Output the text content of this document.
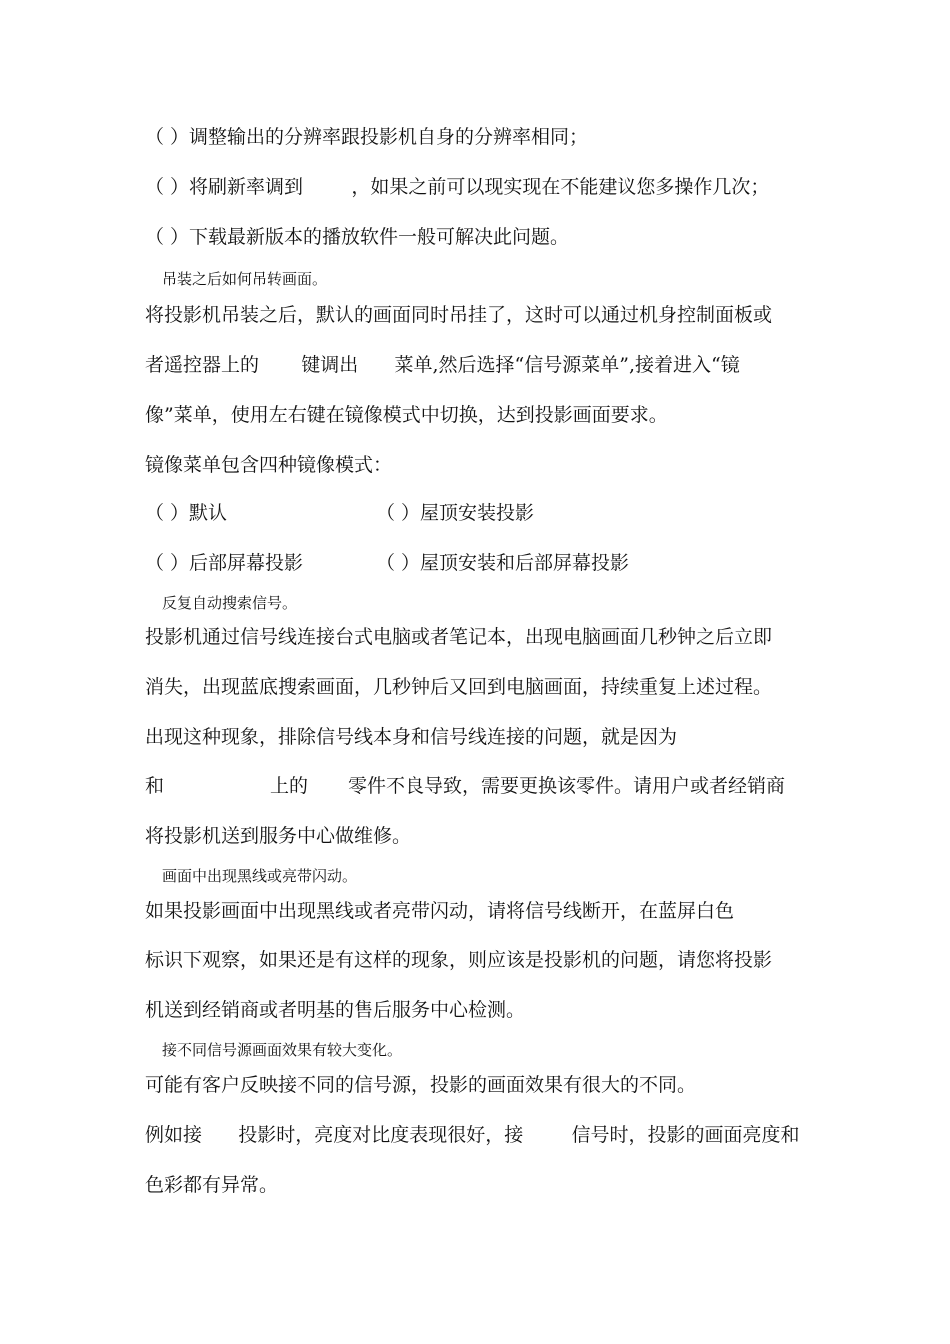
（ ）调整输出的分辨率跟投影机自身的分辨率相同；
（ ）将刷新率调到        ，如果之前可以现实现在不能建议您多操作几次；
（ ）下载最新版本的播放软件一般可解决此问题。
吊装之后如何吊转画面。
将投影机吊装之后，默认的画面同时吊挂了，这时可以通过机身控制面板或
者遥控器上的       键调出      菜单,然后选择“信号源菜单”,接着进入“镜
像”菜单，使用左右键在镜像模式中切换，达到投影画面要求。
镜像菜单包含四种镜像模式：
（ ）默认	（ ）屋顶安装投影
（ ）后部屏幕投影	（ ）屋顶安装和后部屏幕投影
反复自动搜索信号。
投影机通过信号线连接台式电脑或者笔记本，出现电脑画面几秒钟之后立即
消失，出现蓝底搜索画面，几秒钟后又回到电脑画面，持续重复上述过程。
出现这种现象，排除信号线本身和信号线连接的问题，就是因为

和

	上的

零件不良导致，需要更换该零件。请用户或者经销商

将投影机送到服务中心做维修。
画面中出现黑线或亮带闪动。
如果投影画面中出现黑线或者亮带闪动，请将信号线断开，在蓝屏白色
标识下观察，如果还是有这样的现象，则应该是投影机的问题，请您将投影
机送到经销商或者明基的售后服务中心检测。
接不同信号源画面效果有较大变化。
可能有客户反映接不同的信号源，投影的画面效果有很大的不同。
例如接      投影时，亮度对比度表现很好，接        信号时，投影的画面亮度和
色彩都有异常。
